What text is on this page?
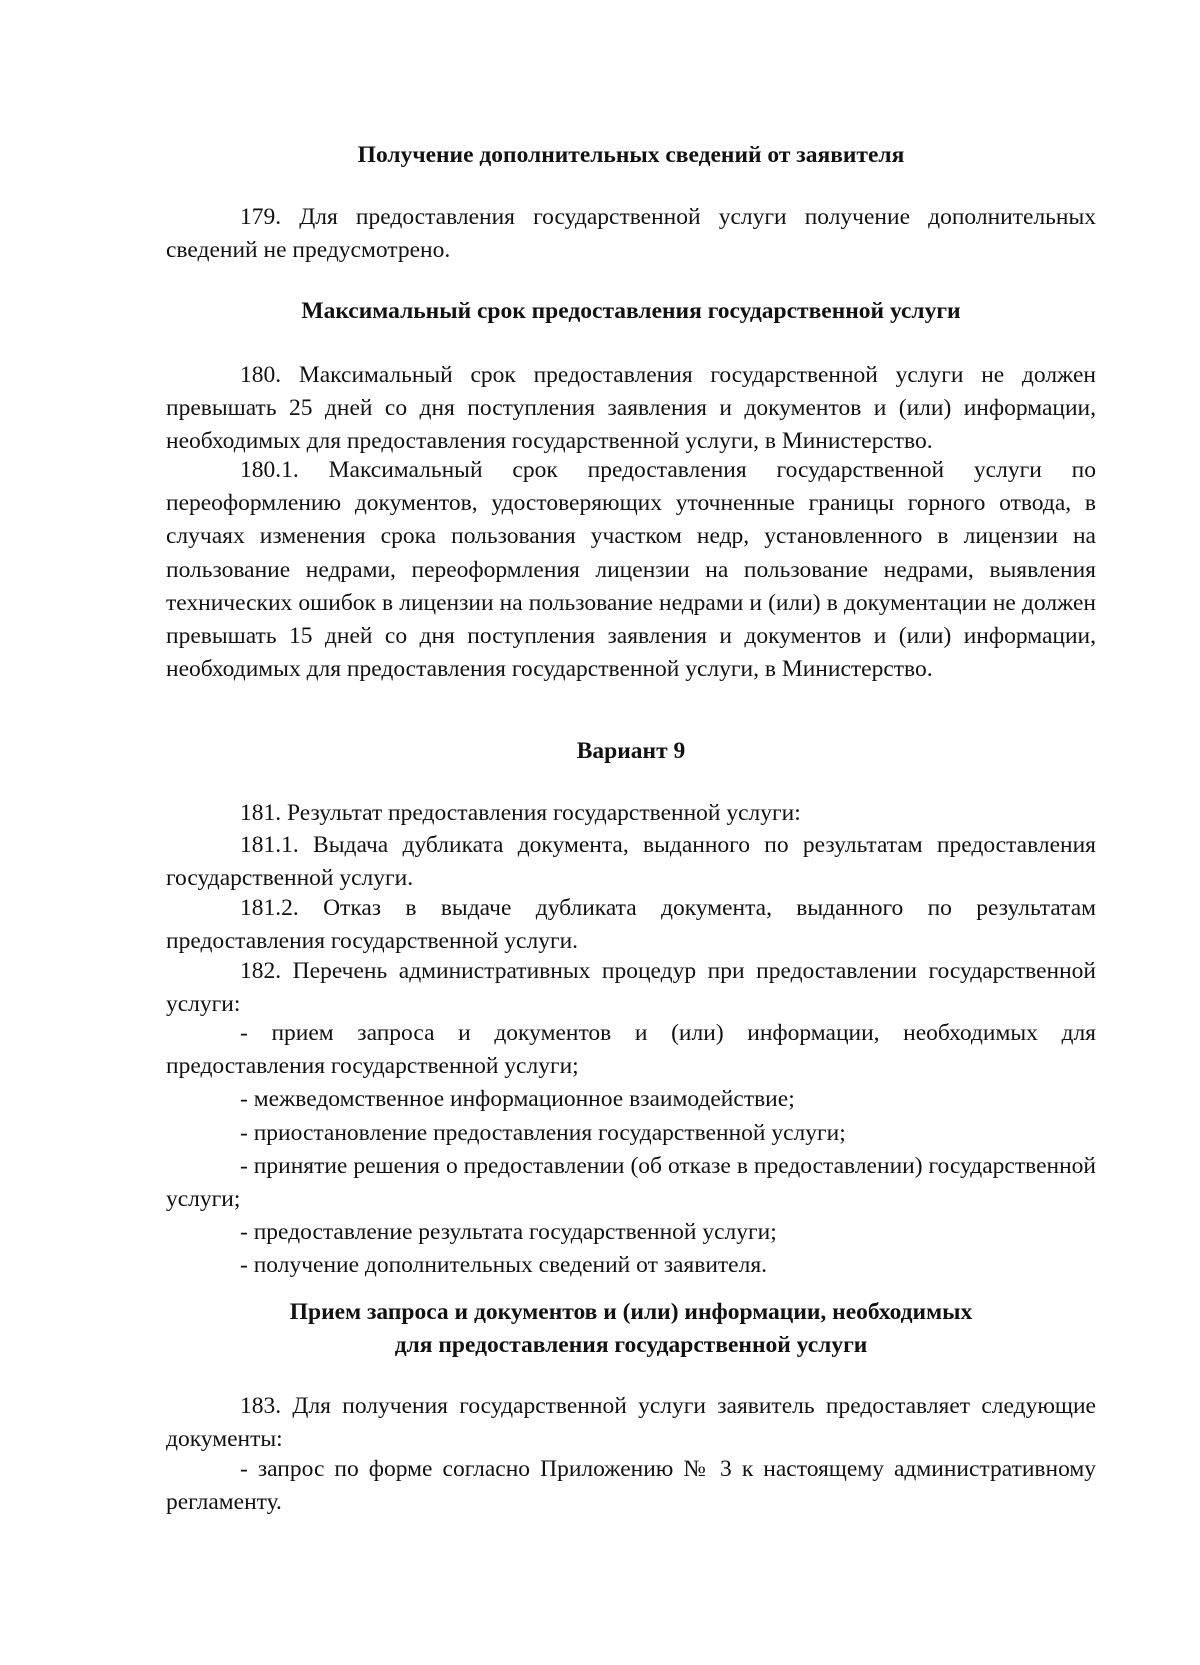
Получение дополнительных сведений от заявителя

179. Для предоставления государственной услуги получение дополнительных сведений не предусмотрено.

Максимальный срок предоставления государственной услуги

180. Максимальный срок предоставления государственной услуги не должен превышать 25 дней со дня поступления заявления и документов и (или) информации, необходимых для предоставления государственной услуги, в Министерство.

180.1. Максимальный срок предоставления государственной услуги по переоформлению документов, удостоверяющих уточненные границы горного отвода, в случаях изменения срока пользования участком недр, установленного в лицензии на пользование недрами, переоформления лицензии на пользование недрами, выявления технических ошибок в лицензии на пользование недрами и (или) в документации не должен превышать 15 дней со дня поступления заявления и документов и (или) информации, необходимых для предоставления государственной услуги, в Министерство.

Вариант 9

181. Результат предоставления государственной услуги:

181.1. Выдача дубликата документа, выданного по результатам предоставления государственной услуги.

181.2. Отказ в выдаче дубликата документа, выданного по результатам предоставления государственной услуги.

182. Перечень административных процедур при предоставлении государственной услуги:

- прием запроса и документов и (или) информации, необходимых для предоставления государственной услуги;

- межведомственное информационное взаимодействие;

- приостановление предоставления государственной услуги;

- принятие решения о предоставлении (об отказе в предоставлении) государственной услуги;

- предоставление результата государственной услуги;

- получение дополнительных сведений от заявителя.

Прием запроса и документов и (или) информации, необходимых

для предоставления государственной услуги

183. Для получения государственной услуги заявитель предоставляет следующие документы:

- запрос по форме согласно Приложению № 3 к настоящему административному регламенту.
